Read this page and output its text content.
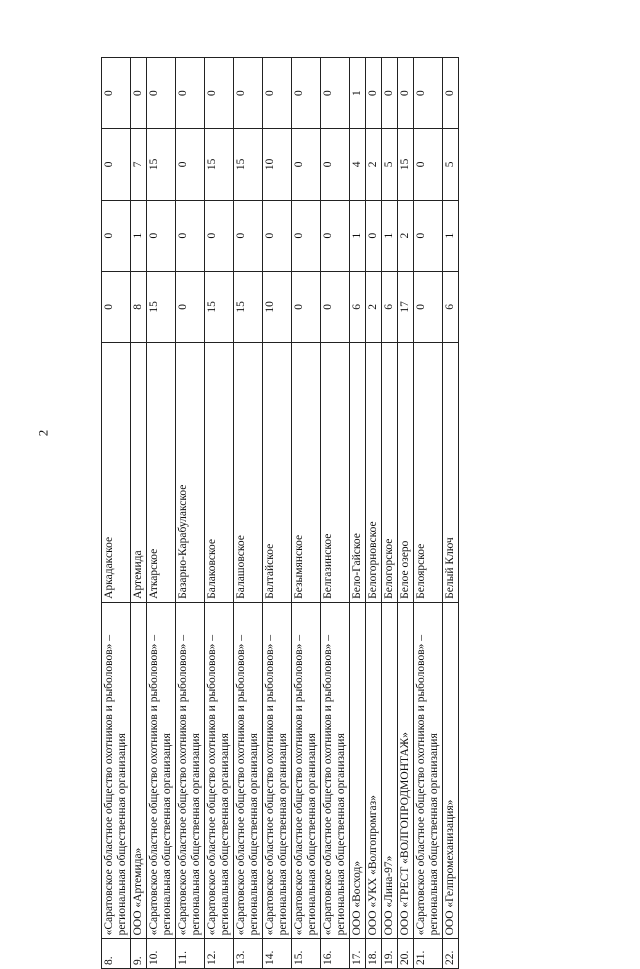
2
8.	«Саратовское областное общество охотников и рыболовов» – региональная общественная организация	Аркадакское	0	0	0	0
9.	ООО «Артемида»	Артемида	8	1	7	0
10.	«Саратовское областное общество охотников и рыболовов» – региональная общественная организация	Аткарское	15	0	15	0
11.	«Саратовское областное общество охотников и рыболовов» – региональная общественная организация	Базарно-Карабулакское	0	0	0	0
12.	«Саратовское областное общество охотников и рыболовов» – региональная общественная организация	Балаковское	15	0	15	0
13.	«Саратовское областное общество охотников и рыболовов» – региональная общественная организация	Балашовское	15	0	15	0
14.	«Саратовское областное общество охотников и рыболовов» – региональная общественная организация	Балтайское	10	0	10	0
15.	«Саратовское областное общество охотников и рыболовов» – региональная общественная организация	Безымянское	0	0	0	0
16.	«Саратовское областное общество охотников и рыболовов» – региональная общественная организация	Белгазинское	0	0	0	0
17.	ООО «Восход»	Бело-Гайское	6	1	4	1
18.	ООО «УКХ «Волгопромгаз»	Белогорновское	2	0	2	0
19.	ООО «Лина-97»	Белогорское	6	1	5	0
20.	ООО «ТРЕСТ «ВОЛГОПРОДМОНТАЖ»	Белое озеро	17	2	15	0
21.	«Саратовское областное общество охотников и рыболовов» – региональная общественная организация	Белоярское	0	0	0	0
22.	ООО «Гелпромеханизация»	Белый Ключ	6	1	5	0
